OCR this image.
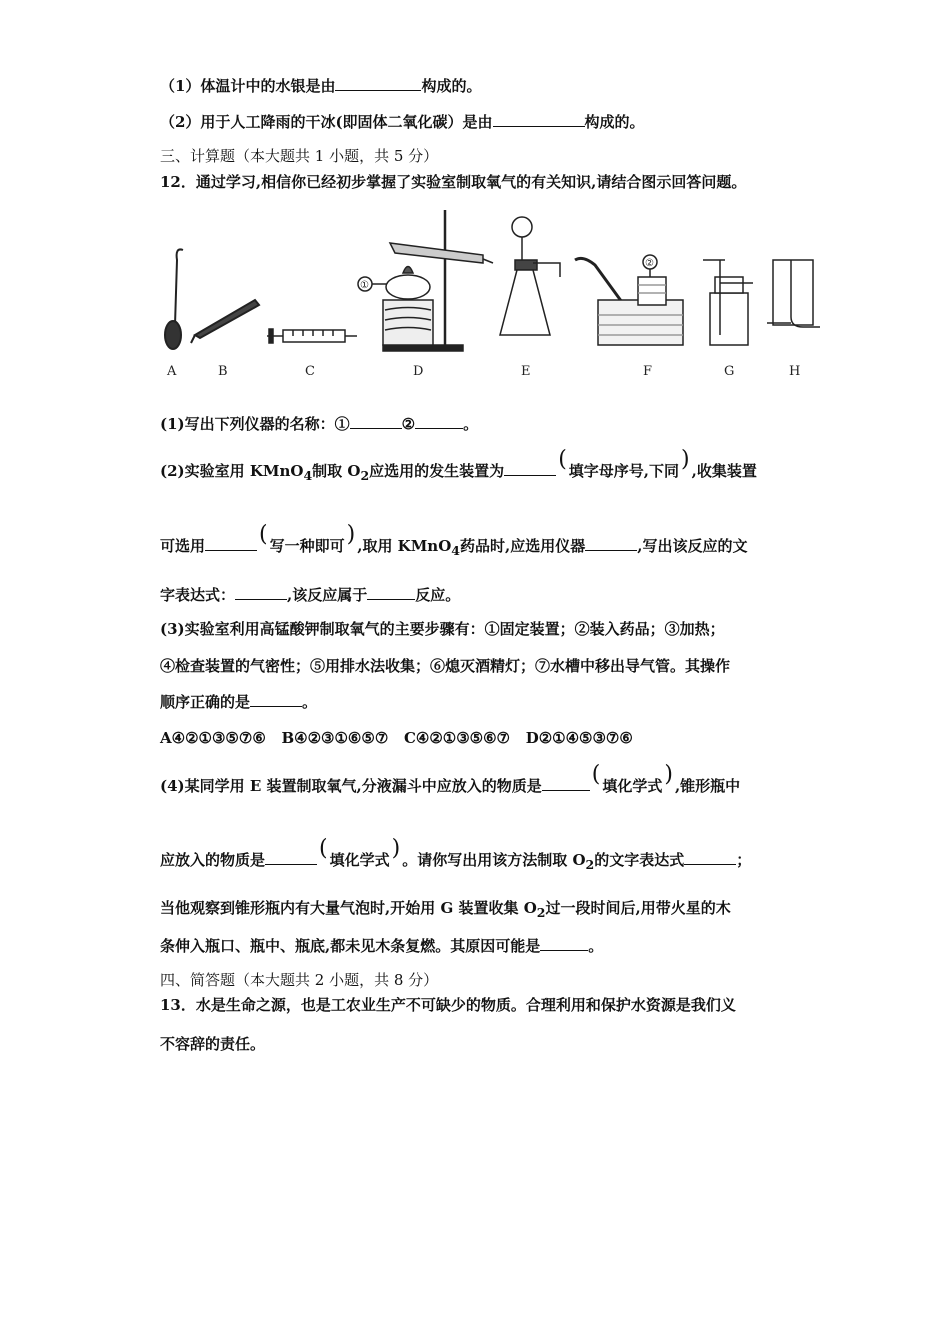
（1）体温计中的水银是由	构成的。
（2）用于人工降雨的干冰(即固体二氧化碳）是由	构成的。
三、计算题（本大题共 1 小题，共 5 分）
12．通过学习,相信你已经初步掌握了实验室制取氧气的有关知识,请结合图示回答问题。
①
②
A	B	C	D	E	F	G	H
(1)写出下列仪器的名称：①	②	。
(2)实验室用 KMnO$_4$制取 $O_2$应选用的发生装置为 ( 填字母序号,下同) ,收集装置
可选用 ( 写一种即可) ,取用 KMnO$_4$药品时,应选用仪器	,写出该反应的文
字表达式：	,该反应属于	反应。
(3)实验室利用高锰酸钾制取氧气的主要步骤有：①固定装置；②装入药品；③加热；
④检查装置的气密性；⑤用排水法收集；⑥熄灭酒精灯；⑦水槽中移出导气管。其操作
顺序正确的是	。
A④②①③⑤⑦⑥ B④②③①⑥⑤⑦ C④②①③⑤⑥⑦ D②①④⑤③⑦⑥
(4)某同学用 E 装置制取氧气,分液漏斗中应放入的物质是 ( 填化学式) ,锥形瓶中
应放入的物质是 ( 填化学式) 。请你写出用该方法制取 $O_2$的文字表达式	；
当他观察到锥形瓶内有大量气泡时,开始用 G 装置收集 $O_2$过一段时间后,用带火星的木
条伸入瓶口、瓶中、瓶底,都未见木条复燃。其原因可能是	。
四、简答题（本大题共 2 小题，共 8 分）
13．水是生命之源，也是工农业生产不可缺少的物质。合理利用和保护水资源是我们义
不容辞的责任。
